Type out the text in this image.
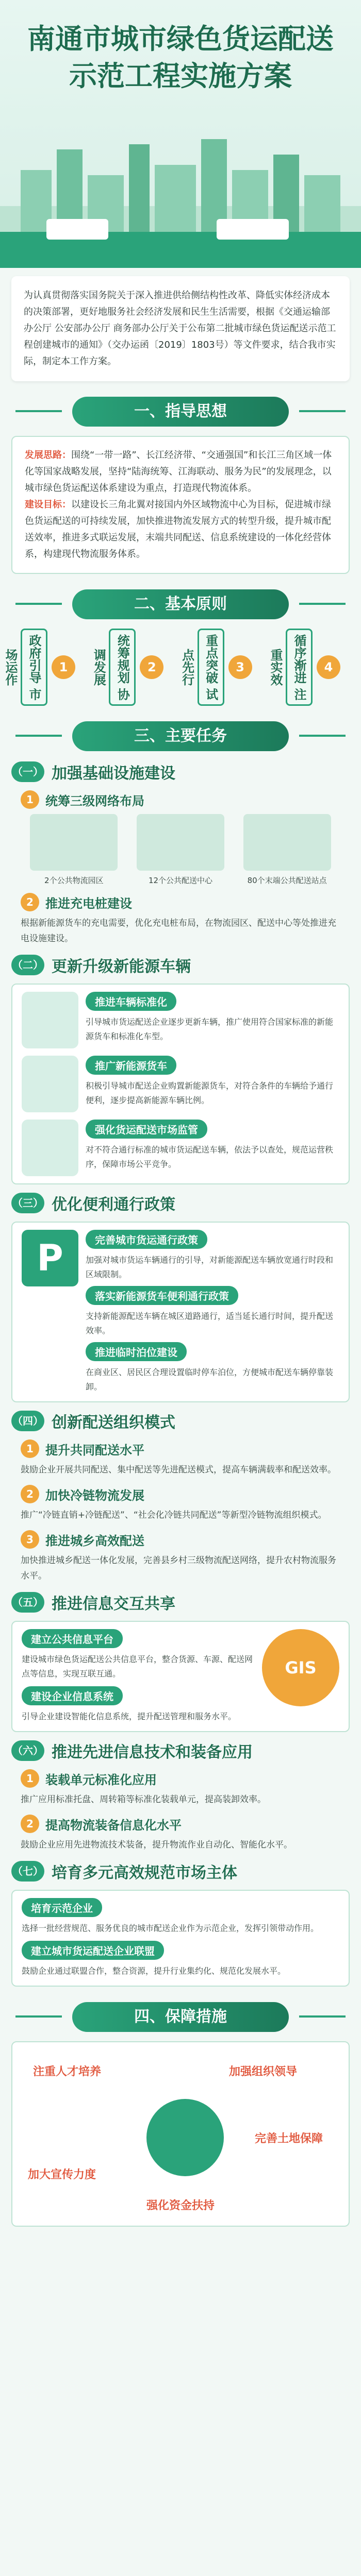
南通市城市绿色货运配送
示范工程实施方案
为认真贯彻落实国务院关于深入推进供给侧结构性改革、降低实体经济成本的决策部署，更好地服务社会经济发展和民生生活需要，根据《交通运输部办公厅 公安部办公厅 商务部办公厅关于公布第二批城市绿色货运配送示范工程创建城市的通知》（交办运函〔2019〕1803号）等文件要求，结合我市实际，制定本工作方案。
一、指导思想

发展思路：围绕“一带一路”、长江经济带、“交通强国”和长江三角区域一体化等国家战略发展，坚持“陆海统筹、江海联动、服务为民”的发展理念，以城市绿色货运配送体系建设为重点，打造现代物流体系。

建设目标：以建设长三角北翼对接国内外区域物流中心为目标，促进城市绿色货运配送的可持续发展，加快推进物流发展方式的转型升级，提升城市配送效率，推进多式联运发展，末端共同配送、信息系统建设的一体化经营体系，构建现代物流服务体系。

二、基本原则
政府引导 市场运作	1	统筹规划 协调发展	2	重点突破 试点先行	3	循序渐进 注重实效	4
三、主要任务
（一） 加强基础设施建设
1 统筹三级网络布局
2个公共物流园区	12个公共配送中心	80个末端公共配送站点
2 推进充电桩建设
根据新能源货车的充电需要，优化充电桩布局，在物流园区、配送中心等处推进充电设施建设。
（二） 更新升级新能源车辆
推进车辆标准化
引导城市货运配送企业逐步更新车辆，推广使用符合国家标准的新能源货车和标准化车型。
推广新能源货车
积极引导城市配送企业购置新能源货车，对符合条件的车辆给予通行便利，逐步提高新能源车辆比例。
强化货运配送市场监管
对不符合通行标准的城市货运配送车辆，依法予以查处，规范运营秩序，保障市场公平竞争。
（三） 优化便利通行政策
P	完善城市货运通行政策
加强对城市货运车辆通行的引导，对新能源配送车辆放宽通行时段和区域限制。
落实新能源货车便利通行政策
支持新能源配送车辆在城区道路通行，适当延长通行时间，提升配送效率。
推进临时泊位建设
在商业区、居民区合理设置临时停车泊位，方便城市配送车辆停靠装卸。
（四） 创新配送组织模式
1 提升共同配送水平
鼓励企业开展共同配送、集中配送等先进配送模式，提高车辆满载率和配送效率。
2 加快冷链物流发展
推广“冷链直销+冷链配送”、“社会化冷链共同配送”等新型冷链物流组织模式。
3 推进城乡高效配送
加快推进城乡配送一体化发展，完善县乡村三级物流配送网络，提升农村物流服务水平。
（五） 推进信息交互共享
建立公共信息平台
建设城市绿色货运配送公共信息平台，整合货源、车源、配送网点等信息，实现互联互通。
建设企业信息系统
引导企业建设智能化信息系统，提升配送管理和服务水平。
GIS
（六） 推进先进信息技术和装备应用
1 装载单元标准化应用
推广应用标准托盘、周转箱等标准化装载单元，提高装卸效率。
2 提高物流装备信息化水平
鼓励企业应用先进物流技术装备，提升物流作业自动化、智能化水平。
（七） 培育多元高效规范市场主体
培育示范企业
选择一批经营规范、服务优良的城市配送企业作为示范企业，发挥引领带动作用。
建立城市货运配送企业联盟
鼓励企业通过联盟合作，整合资源，提升行业集约化、规范化发展水平。
四、保障措施
注重人才培养	加强组织领导
完善土地保障
加大宣传力度
强化资金扶持
